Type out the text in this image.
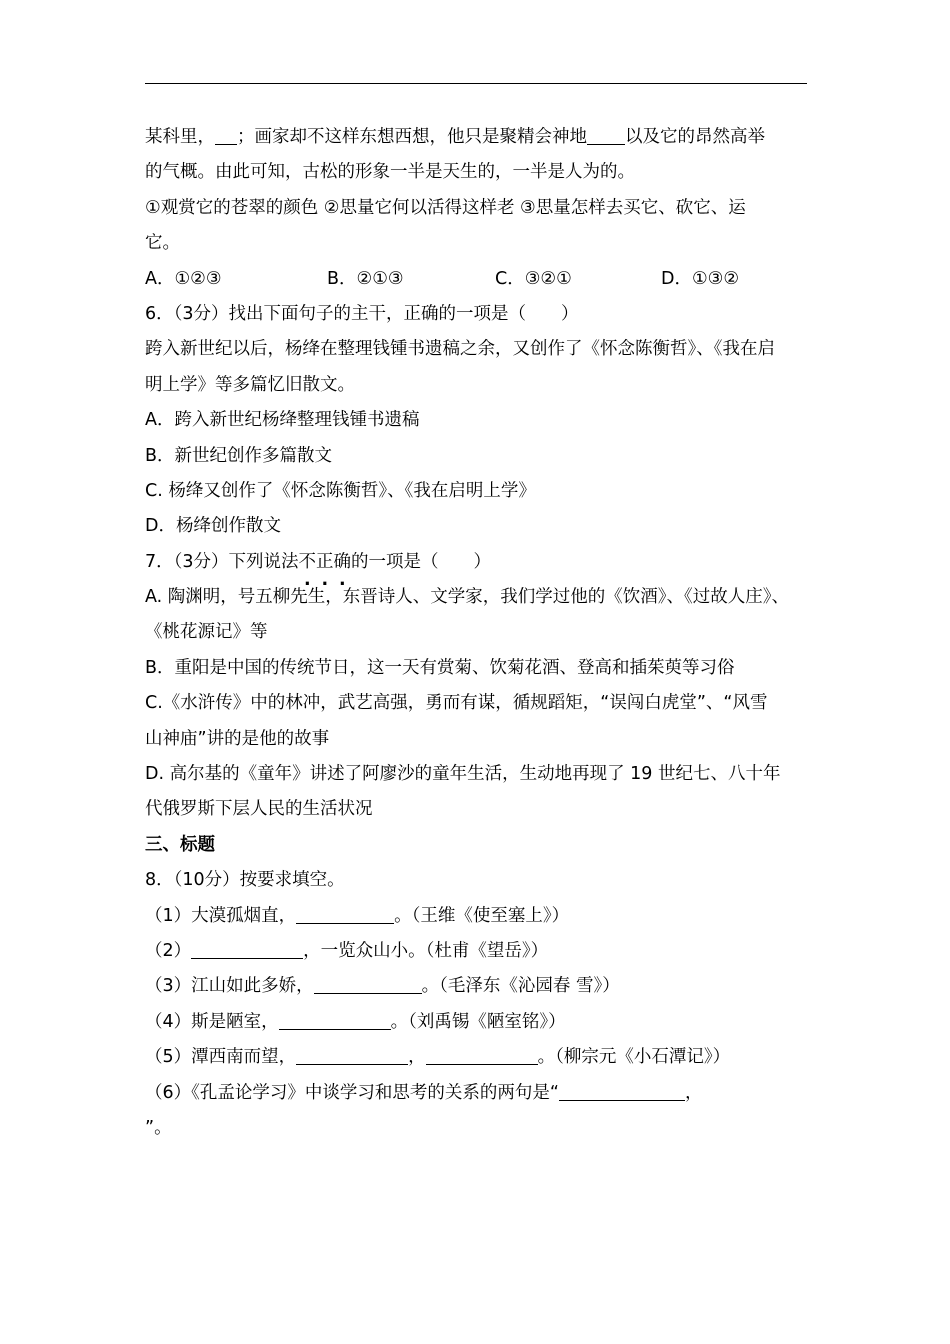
某科里， ；画家却不这样东想西想，他只是聚精会神地 以及它的昂然高举
的气概。由此可知，古松的形象一半是天生的，一半是人为的。
①观赏它的苍翠的颜色 ②思量它何以活得这样老 ③思量怎样去买它、砍它、运
它。
A．①②③	B．②①③	C．③②①	D．①③②
6．（3分）找出下面句子的主干，正确的一项是（　　）
跨入新世纪以后，杨绛在整理钱锺书遗稿之余，又创作了《怀念陈衡哲》、《我在启
明上学》等多篇忆旧散文。
A．跨入新世纪杨绛整理钱锺书遗稿
B．新世纪创作多篇散文
C. 杨绛又创作了《怀念陈衡哲》、《我在启明上学》
D．杨绛创作散文
7．（3分）下列说法不正确的一项是（　　）
A. 陶渊明，号五柳先生，东晋诗人、文学家，我们学过他的《饮酒》、《过故人庄》、
《桃花源记》等
B．重阳是中国的传统节日，这一天有赏菊、饮菊花酒、登高和插茱萸等习俗
C.《水浒传》中的林冲，武艺高强，勇而有谋，循规蹈矩，“误闯白虎堂”、“风雪
山神庙”讲的是他的故事
D. 高尔基的《童年》讲述了阿廖沙的童年生活，生动地再现了 19 世纪七、八十年
代俄罗斯下层人民的生活状况
三、标题
8．（10分）按要求填空。
（1）大漠孤烟直，	。（王维《使至塞上》）
（2）	，一览众山小。（杜甫《望岳》）
（3）江山如此多娇，	。（毛泽东《沁园春 雪》）
（4）斯是陋室，	。（刘禹锡《陋室铭》）
（5）潭西南而望，	，	。（柳宗元《小石潭记》）
（6）《孔孟论学习》中谈学习和思考的关系的两句是“	，
”。
